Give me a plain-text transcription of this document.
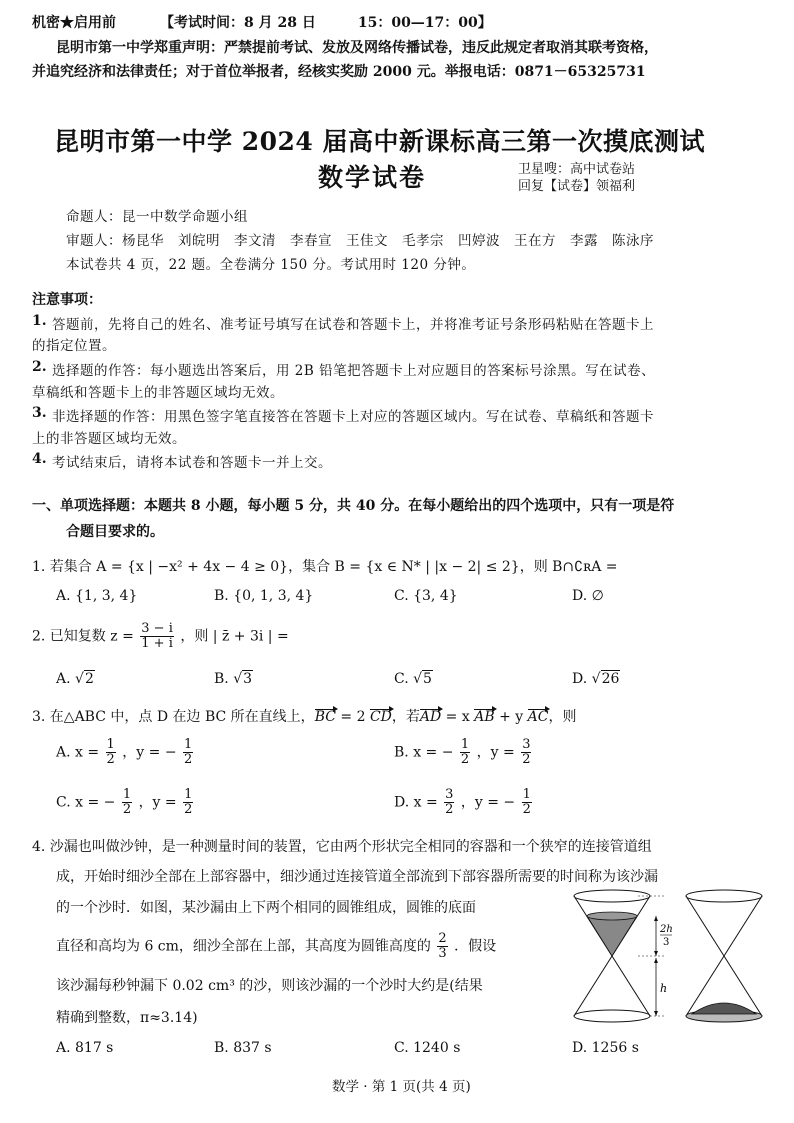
机密★启用前	【考试时间：8 月 28 日　　　15：00—17：00】
昆明市第一中学郑重声明：严禁提前考试、发放及网络传播试卷，违反此规定者取消其联考资格，
并追究经济和法律责任；对于首位举报者，经核实奖励 2000 元。举报电话：0871－65325731
昆明市第一中学 2024 届高中新课标高三第一次摸底测试
数学试卷	卫星嗖：高中试卷站
回复【试卷】领福利
命题人：昆一中数学命题小组
审题人：杨昆华　刘皖明　李文清　李春宣　王佳文　毛孝宗　凹婷波　王在方　李露　陈泳序
本试卷共 4 页，22 题。全卷满分 150 分。考试用时 120 分钟。
注意事项：
1. 答题前，先将自己的姓名、准考证号填写在试卷和答题卡上，并将准考证号条形码粘贴在答题卡上
的指定位置。
2. 选择题的作答：每小题选出答案后，用 2B 铅笔把答题卡上对应题目的答案标号涂黑。写在试卷、
草稿纸和答题卡上的非答题区域均无效。
3. 非选择题的作答：用黑色签字笔直接答在答题卡上对应的答题区域内。写在试卷、草稿纸和答题卡
上的非答题区域均无效。
4. 考试结束后，请将本试卷和答题卡一并上交。
一、单项选择题：本题共 8 小题，每小题 5 分，共 40 分。在每小题给出的四个选项中，只有一项是符
合题目要求的。
1. 若集合 A = {x | −x² + 4x − 4 ≥ 0}，集合 B = {x ∈ N* | |x − 2| ≤ 2}，则 B∩∁ʀA =
A. {1, 3, 4}	B. {0, 1, 3, 4}	C. {3, 4}	D. ∅
2. 已知复数 $z = \frac{3 - i}{1 + i}$ ，则 | z̄ + 3i | =
A. √2	B. √3	C. √5	D. √26
3. 在△ABC 中，点 D 在边 BC 所在直线上，BC = 2 CD，若AD = x AB + y AC，则
A. $x = \frac{1}{2}$ ，y = − $\frac{1}{2}$	B. x = − $\frac{1}{2}$ ，$y = \frac{3}{2}$
C. x = − $\frac{1}{2}$ ，$y = \frac{1}{2}$	D. $x = \frac{3}{2}$ ，y = − $\frac{1}{2}$
4. 沙漏也叫做沙钟，是一种测量时间的装置，它由两个形状完全相同的容器和一个狭窄的连接管道组
成，开始时细沙全部在上部容器中，细沙通过连接管道全部流到下部容器所需要的时间称为该沙漏
的一个沙时．如图，某沙漏由上下两个相同的圆锥组成，圆锥的底面
直径和高均为 6 cm，细沙全部在上部，其高度为圆锥高度的 $\frac{2}{3}$ ．假设
该沙漏每秒钟漏下 0.02 cm³ 的沙，则该沙漏的一个沙时大约是(结果
精确到整数，π≈3.14)
A. 817 s	B. 837 s	C. 1240 s	D. 1256 s
2h
3
h
数学 · 第 1 页(共 4 页)
